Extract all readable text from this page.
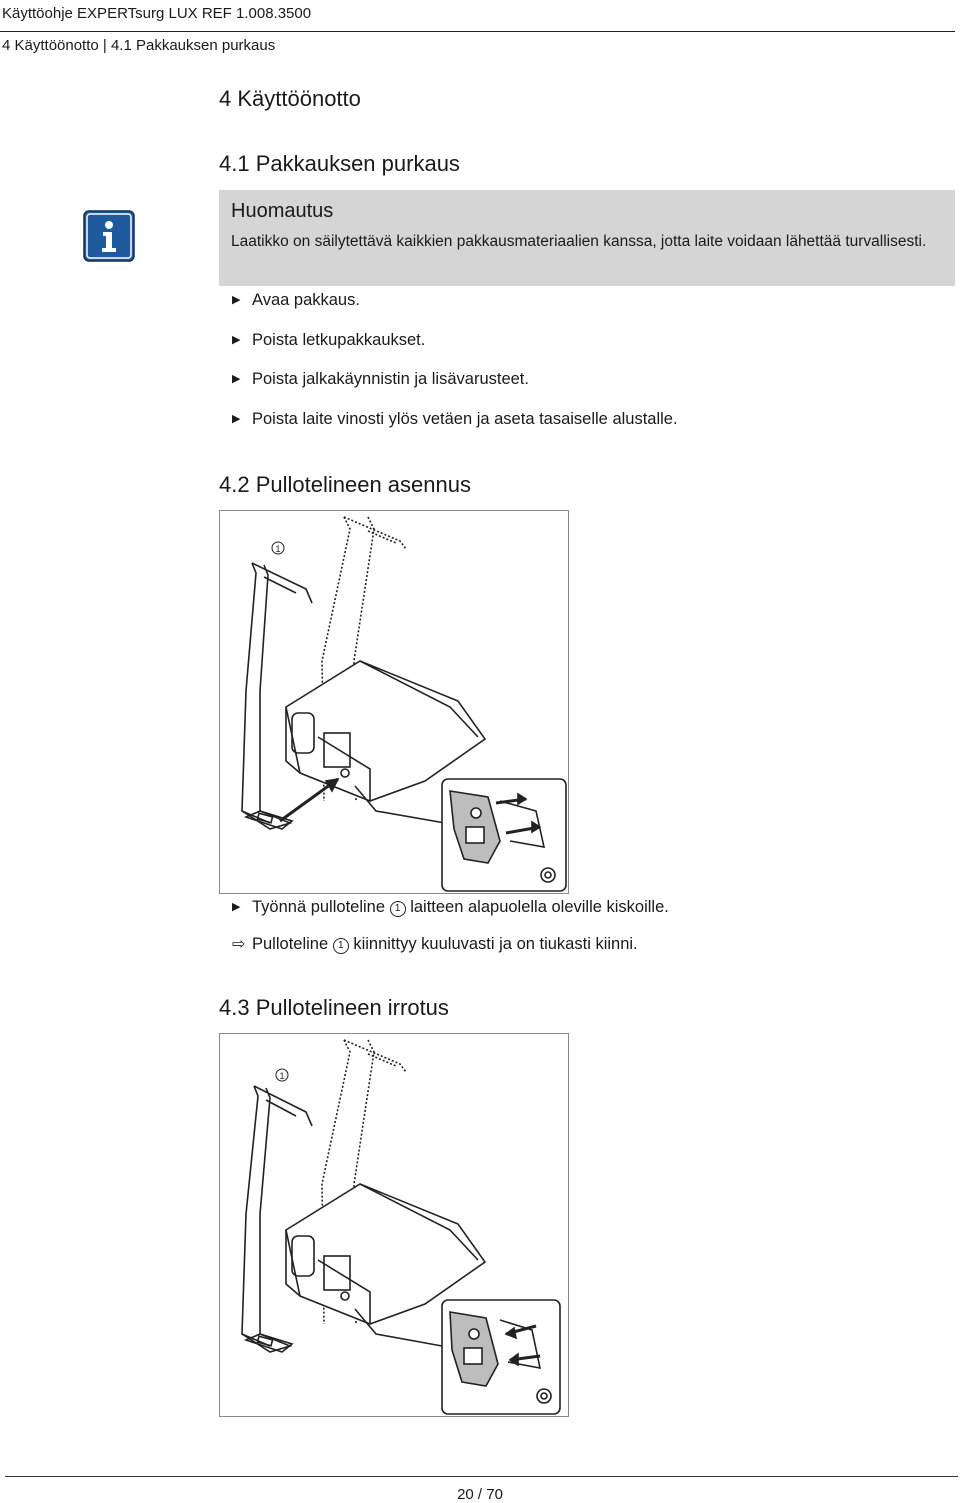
Käyttöohje EXPERTsurg LUX REF 1.008.3500
4 Käyttöönotto | 4.1 Pakkauksen purkaus
4 Käyttöönotto
4.1 Pakkauksen purkaus
Huomautus
Laatikko on säilytettävä kaikkien pakkausmateriaalien kanssa, jotta laite voidaan lähettää turvallisesti.
▶ Avaa pakkaus.
▶ Poista letkupakkaukset.
▶ Poista jalkakäynnistin ja lisävarusteet.
▶ Poista laite vinosti ylös vetäen ja aseta tasaiselle alustalle.
4.2 Pullotelineen asennus
1
▶ Työnnä pulloteline 1 laitteen alapuolella oleville kiskoille.
⇨ Pulloteline 1 kiinnittyy kuuluvasti ja on tiukasti kiinni.
4.3 Pullotelineen irrotus
1
20 / 70
